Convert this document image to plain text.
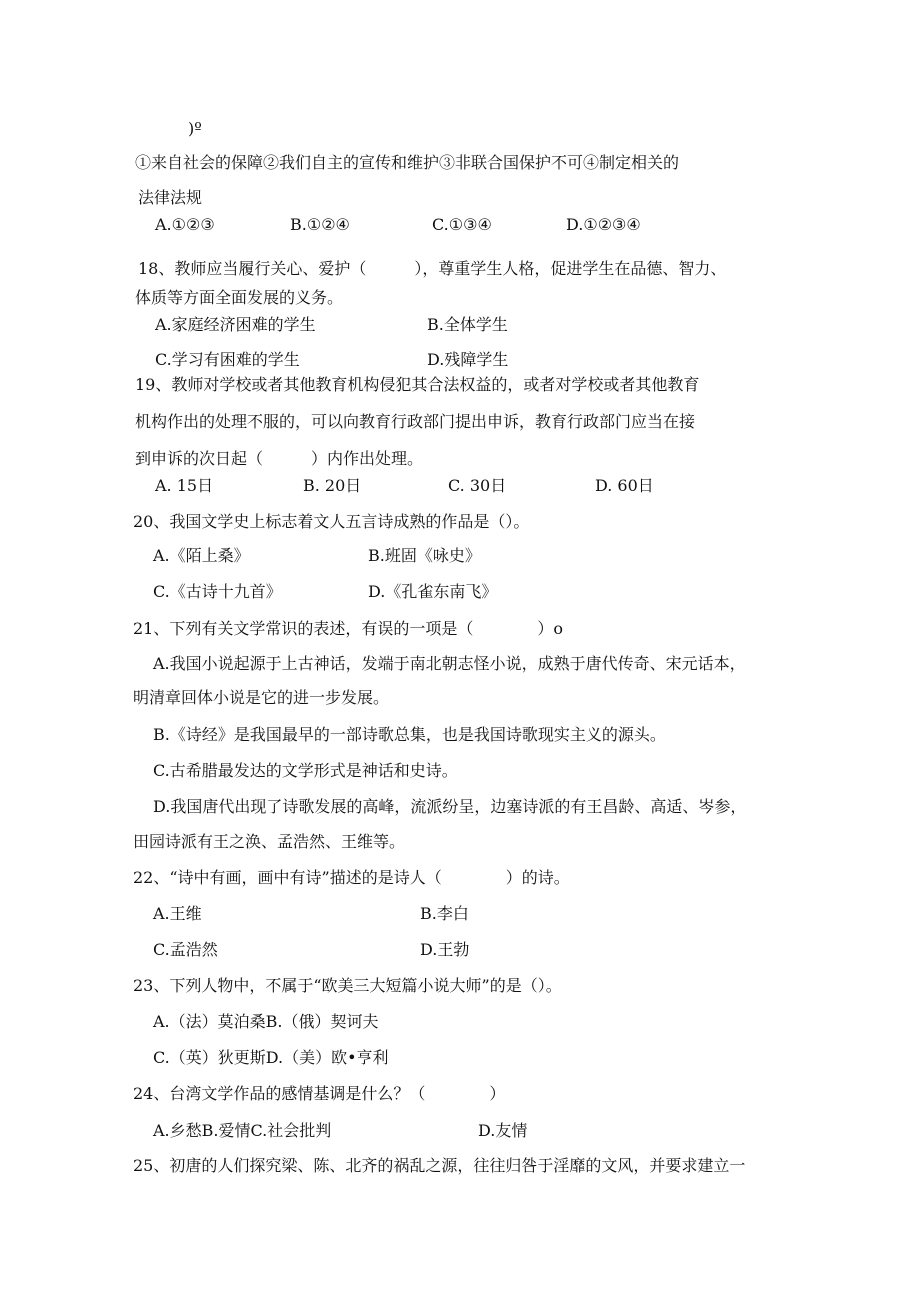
)º
①来自社会的保障②我们自主的宣传和维护③非联合国保护不可④制定相关的
法律法规
A.①②③	B.①②④	C.①③④	D.①②③④
18、教师应当履行关心、爱护（　　　），尊重学生人格，促进学生在品德、智力、
体质等方面全面发展的义务。
A.家庭经济困难的学生	B.全体学生
C.学习有困难的学生	D.残障学生
19、教师对学校或者其他教育机构侵犯其合法权益的，或者对学校或者其他教育
机构作出的处理不服的，可以向教育行政部门提出申诉，教育行政部门应当在接
到申诉的次日起（　　　）内作出处理。
A. 15日	B. 20日	C. 30日	D. 60日
20、我国文学史上标志着文人五言诗成熟的作品是（）。
A.《陌上桑》	B.班固《咏史》
C.《古诗十九首》	D.《孔雀东南飞》
21、下列有关文学常识的表述，有误的一项是（　　　　）o
A.我国小说起源于上古神话，发端于南北朝志怪小说，成熟于唐代传奇、宋元话本，
明清章回体小说是它的进一步发展。
B.《诗经》是我国最早的一部诗歌总集，也是我国诗歌现实主义的源头。
C.古希腊最发达的文学形式是神话和史诗。
D.我国唐代出现了诗歌发展的高峰，流派纷呈，边塞诗派的有王昌龄、高适、岑参，
田园诗派有王之涣、孟浩然、王维等。
22、“诗中有画，画中有诗”描述的是诗人（　　　　）的诗。
A.王维	B.李白
C.孟浩然	D.王勃
23、下列人物中，不属于“欧美三大短篇小说大师”的是（）。
A.（法）莫泊桑B.（俄）契诃夫
C.（英）狄更斯D.（美）欧•亨利
24、台湾文学作品的感情基调是什么？（　　　　）
A.乡愁B.爱情C.社会批判	D.友情
25、初唐的人们探究梁、陈、北齐的祸乱之源，往往归咎于淫靡的文风，并要求建立一
